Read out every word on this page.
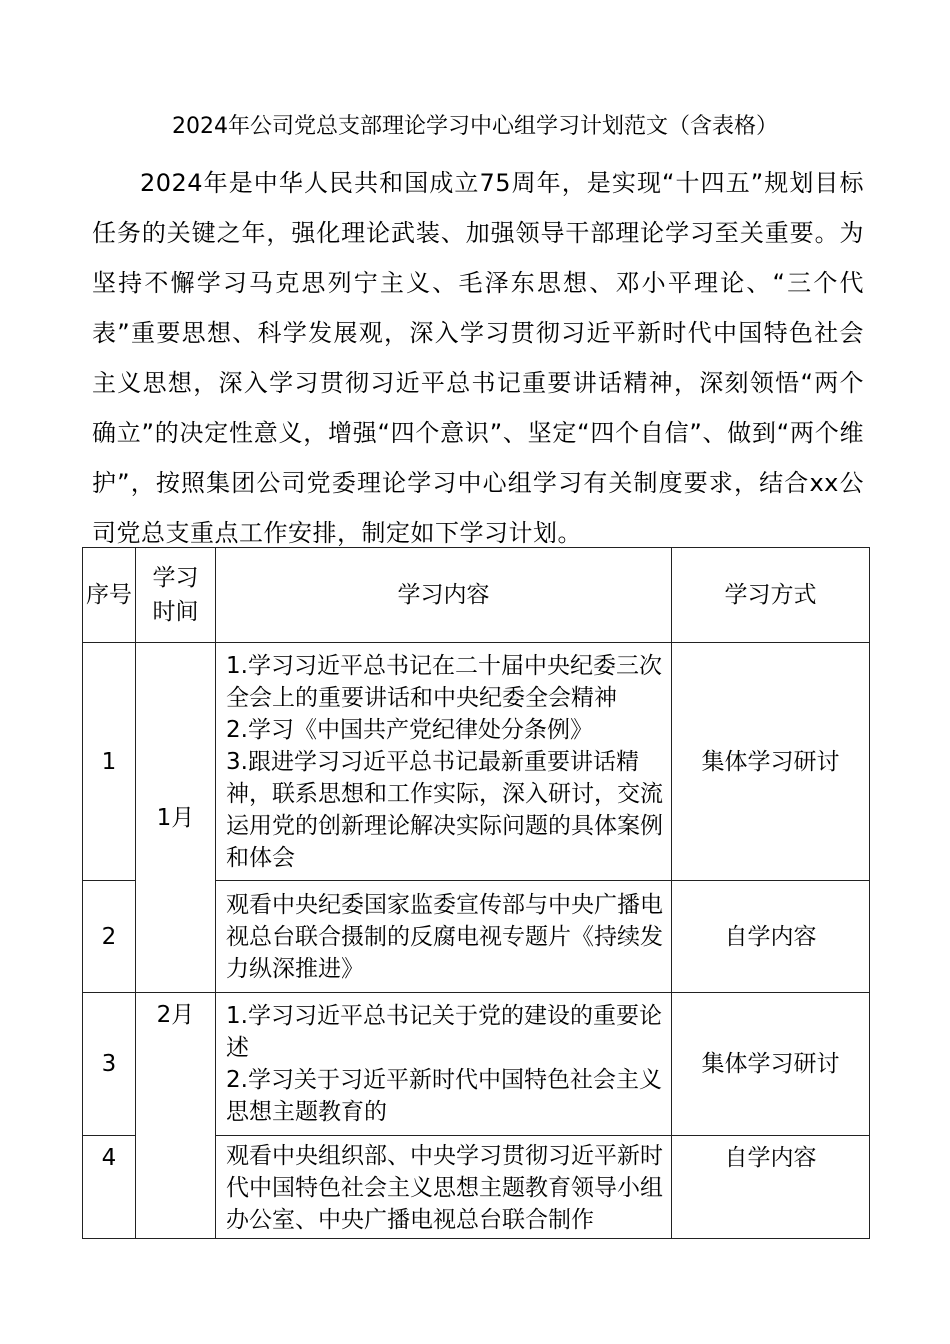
2024年公司党总支部理论学习中心组学习计划范文（含表格）
2024年是中华人民共和国成立75周年，是实现“十四五”规划目标任务的关键之年，强化理论武装、加强领导干部理论学习至关重要。为坚持不懈学习马克思列宁主义、毛泽东思想、邓小平理论、“三个代表”重要思想、科学发展观，深入学习贯彻习近平新时代中国特色社会主义思想，深入学习贯彻习近平总书记重要讲话精神，深刻领悟“两个确立”的决定性意义，增强“四个意识”、坚定“四个自信”、做到“两个维护”，按照集团公司党委理论学习中心组学习有关制度要求，结合xx公司党总支重点工作安排，制定如下学习计划。
序号	学习时间	学习内容	学习方式
1	1月	1.学习习近平总书记在二十届中央纪委三次全会上的重要讲话和中央纪委全会精神
2.学习《中国共产党纪律处分条例》
3.跟进学习习近平总书记最新重要讲话精神，联系思想和工作实际，深入研讨，交流运用党的创新理论解决实际问题的具体案例和体会	集体学习研讨
2		观看中央纪委国家监委宣传部与中央广播电视总台联合摄制的反腐电视专题片《持续发力纵深推进》	自学内容
3	2月	1.学习习近平总书记关于党的建设的重要论述
2.学习关于习近平新时代中国特色社会主义思想主题教育的	集体学习研讨
4		观看中央组织部、中央学习贯彻习近平新时代中国特色社会主义思想主题教育领导小组办公室、中央广播电视总台联合制作	自学内容
